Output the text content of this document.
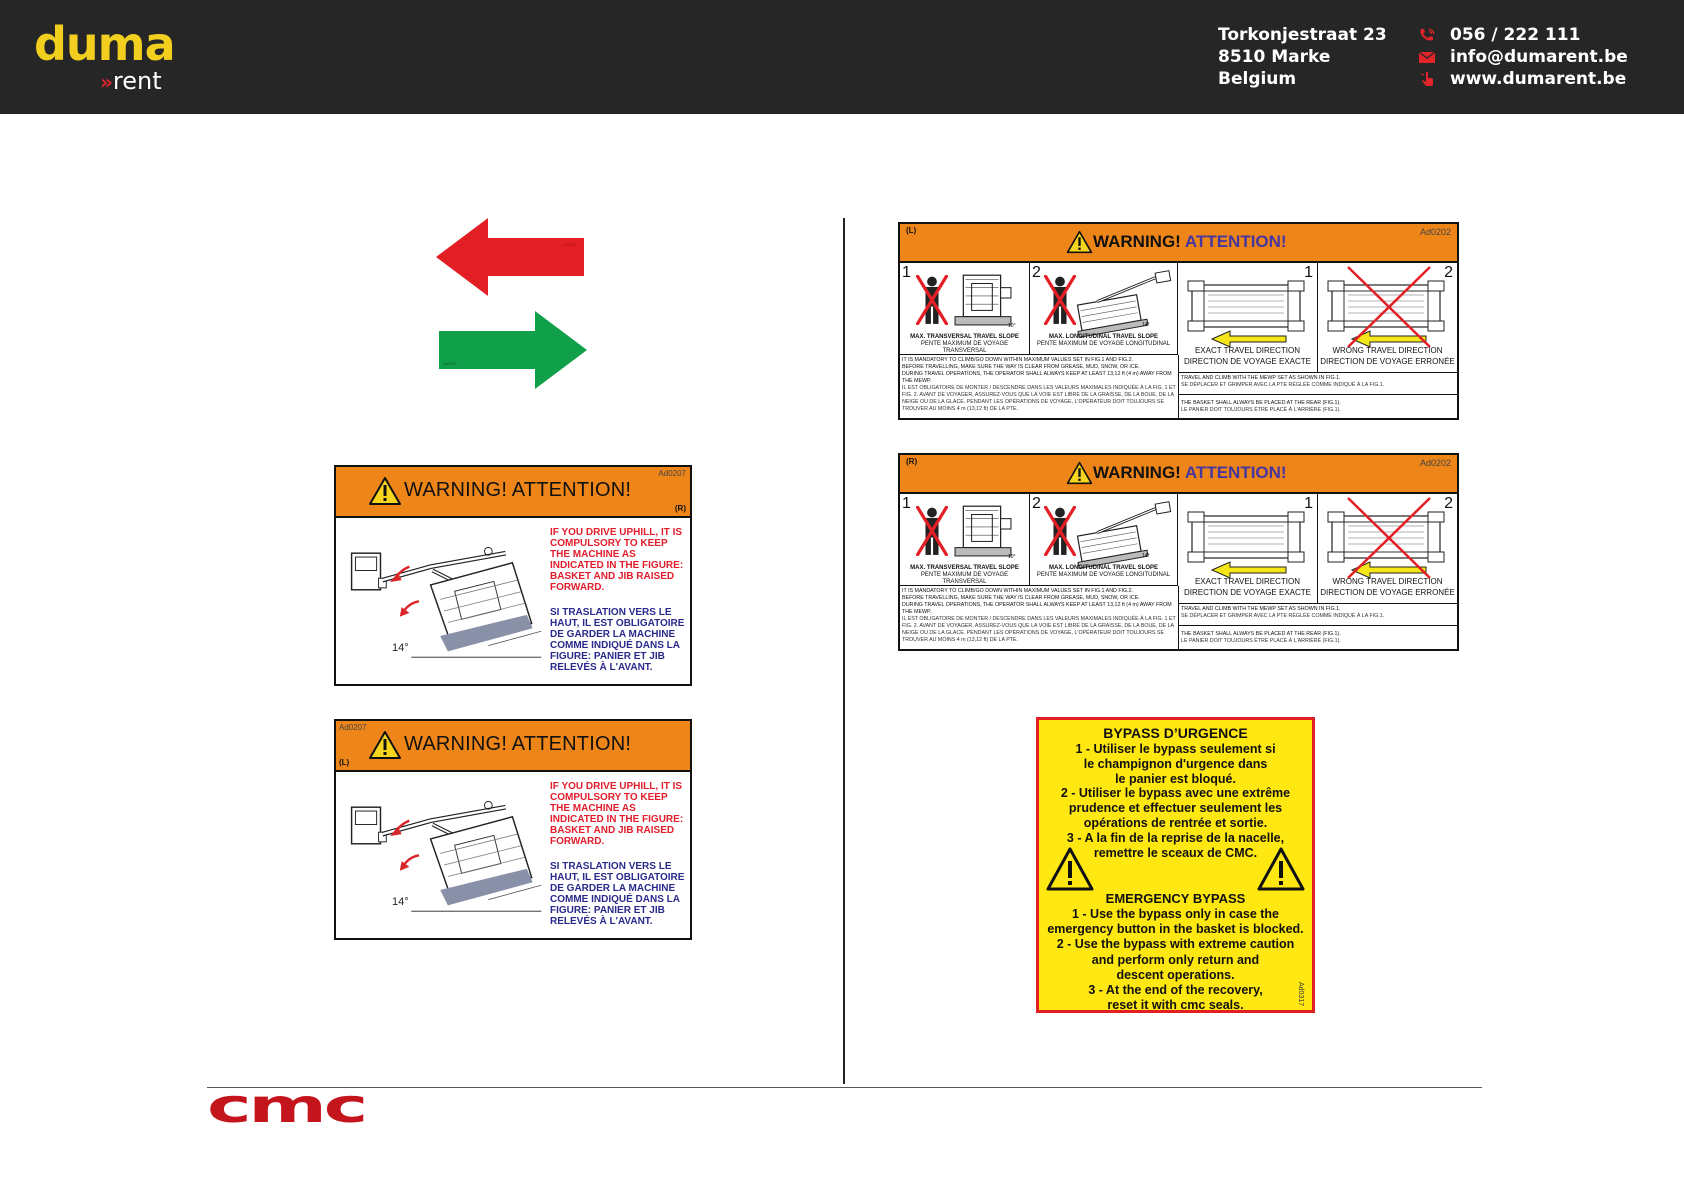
duma
»rent
Torkonjestraat 23
8510 Marke
Belgium
056 / 222 111
info@dumarent.be
www.dumarent.be
Ad0002
Ad0001
WARNING! ATTENTION!
Ad0207
(R)
14°
IF YOU DRIVE UPHILL, IT IS COMPULSORY TO KEEP THE MACHINE AS INDICATED IN THE FIGURE: BASKET AND JIB RAISED FORWARD.
SI TRASLATION VERS LE HAUT, IL EST OBLIGATOIRE DE GARDER LA MACHINE COMME INDIQUÉ DANS LA FIGURE: PANIER ET JIB RELEVÉS À L'AVANT.
WARNING! ATTENTION!
Ad0207
(L)
14°
IF YOU DRIVE UPHILL, IT IS COMPULSORY TO KEEP THE MACHINE AS INDICATED IN THE FIGURE: BASKET AND JIB RAISED FORWARD.
SI TRASLATION VERS LE HAUT, IL EST OBLIGATOIRE DE GARDER LA MACHINE COMME INDIQUÉ DANS LA FIGURE: PANIER ET JIB RELEVÉS À L'AVANT.
(L)
WARNING! ATTENTION!	Ad0202
1
10°
MAX. TRANSVERSAL TRAVEL SLOPE
PENTE MAXIMUM DE VOYAGE TRANSVERSAL
2
14°
MAX. LONGITUDINAL TRAVEL SLOPE
PENTE MAXIMUM DE VOYAGE LONGITUDINAL
1
EXACT TRAVEL DIRECTION
DIRECTION DE VOYAGE EXACTE
2
WRONG TRAVEL DIRECTION
DIRECTION DE VOYAGE ERRONÉE
IT IS MANDATORY TO CLIMB/GO DOWN WITHIN MAXIMUM VALUES SET IN FIG.1 AND FIG.2.
BEFORE TRAVELLING, MAKE SURE THE WAY IS CLEAR FROM GREASE, MUD, SNOW, OR ICE.
DURING TRAVEL OPERATIONS, THE OPERATOR SHALL ALWAYS KEEP AT LEAST 13,12 ft (4 m) AWAY FROM THE MEWP.
IL EST OBLIGATOIRE DE MONTER / DESCENDRE DANS LES VALEURS MAXIMALES INDIQUÉE À LA FIG. 1 ET FIG. 2. AVANT DE VOYAGER, ASSUREZ-VOUS QUE LA VOIE EST LIBRE DE LA GRAISSE, DE LA BOUE, DE LA NEIGE OU DE LA GLACE. PENDANT LES OPÉRATIONS DE VOYAGE, L'OPÉRATEUR DOIT TOUJOURS SE TROUVER AU MOINS 4 m (13,12 ft) DE LA PTE.
TRAVEL AND CLIMB WITH THE MEWP SET AS SHOWN IN FIG.1.
SE DÉPLACER ET GRIMPER AVEC LA PTE RÉGLÉE COMME INDIQUÉ À LA FIG.1.
THE BASKET SHALL ALWAYS BE PLACED AT THE REAR (FIG.1).
LE PANIER DOIT TOUJOURS ÊTRE PLACÉ À L'ARRIÈRE (FIG.1).
(R)
WARNING! ATTENTION!	Ad0202
1
10°
MAX. TRANSVERSAL TRAVEL SLOPE
PENTE MAXIMUM DE VOYAGE TRANSVERSAL
2
14°
MAX. LONGITUDINAL TRAVEL SLOPE
PENTE MAXIMUM DE VOYAGE LONGITUDINAL
1
EXACT TRAVEL DIRECTION
DIRECTION DE VOYAGE EXACTE
2
WRONG TRAVEL DIRECTION
DIRECTION DE VOYAGE ERRONÉE
IT IS MANDATORY TO CLIMB/GO DOWN WITHIN MAXIMUM VALUES SET IN FIG.1 AND FIG.2.
BEFORE TRAVELLING, MAKE SURE THE WAY IS CLEAR FROM GREASE, MUD, SNOW, OR ICE.
DURING TRAVEL OPERATIONS, THE OPERATOR SHALL ALWAYS KEEP AT LEAST 13,12 ft (4 m) AWAY FROM THE MEWP.
IL EST OBLIGATOIRE DE MONTER / DESCENDRE DANS LES VALEURS MAXIMALES INDIQUÉE À LA FIG. 1 ET FIG. 2. AVANT DE VOYAGER, ASSUREZ-VOUS QUE LA VOIE EST LIBRE DE LA GRAISSE, DE LA BOUE, DE LA NEIGE OU DE LA GLACE. PENDANT LES OPÉRATIONS DE VOYAGE, L'OPÉRATEUR DOIT TOUJOURS SE TROUVER AU MOINS 4 m (13,12 ft) DE LA PTE.
TRAVEL AND CLIMB WITH THE MEWP SET AS SHOWN IN FIG.1.
SE DÉPLACER ET GRIMPER AVEC LA PTE RÉGLÉE COMME INDIQUÉ À LA FIG.1.
THE BASKET SHALL ALWAYS BE PLACED AT THE REAR (FIG.1).
LE PANIER DOIT TOUJOURS ÊTRE PLACÉ À L'ARRIÈRE (FIG.1).
BYPASS D’URGENCE
1 - Utiliser le bypass seulement si
le champignon d'urgence dans
le panier est bloqué.
2 - Utiliser le bypass avec une extrême
prudence et effectuer seulement les
opérations de rentrée et sortie.
3 - A la fin de la reprise de la nacelle,
remettre le sceaux de CMC.
EMERGENCY BYPASS
1 - Use the bypass only in case the
emergency button in the basket is blocked.
2 - Use the bypass with extreme caution
and perform only return and
descent operations.
3 - At the end of the recovery,
reset it with cmc seals.	Ad0317
cmc
